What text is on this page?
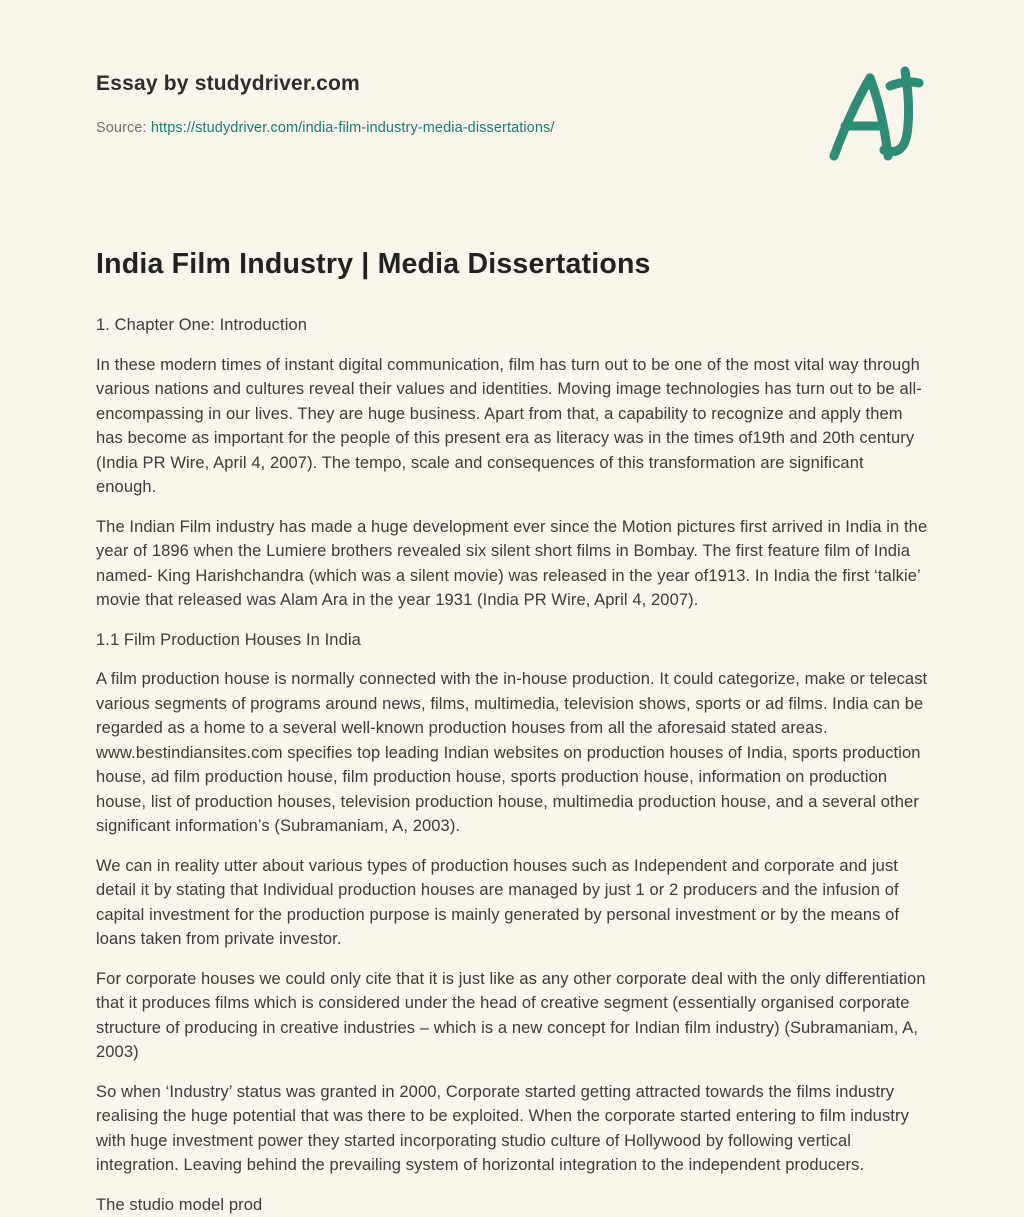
Essay by studydriver.com
Source: https://studydriver.com/india-film-industry-media-dissertations/
India Film Industry | Media Dissertations

1. Chapter One: Introduction

In these modern times of instant digital communication, film has turn out to be one of the most vital way through various nations and cultures reveal their values and identities. Moving image technologies has turn out to be all-encompassing in our lives. They are huge business. Apart from that, a capability to recognize and apply them has become as important for the people of this present era as literacy was in the times of19th and 20th century (India PR Wire, April 4, 2007). The tempo, scale and consequences of this transformation are significant enough.

The Indian Film industry has made a huge development ever since the Motion pictures first arrived in India in the year of 1896 when the Lumiere brothers revealed six silent short films in Bombay. The first feature film of India named- King Harishchandra (which was a silent movie) was released in the year of1913. In India the first ‘talkie’ movie that released was Alam Ara in the year 1931 (India PR Wire, April 4, 2007).

1.1 Film Production Houses In India

A film production house is normally connected with the in-house production. It could categorize, make or telecast various segments of programs around news, films, multimedia, television shows, sports or ad films. India can be regarded as a home to a several well-known production houses from all the aforesaid stated areas. www.bestindiansites.com specifies top leading Indian websites on production houses of India, sports production house, ad film production house, film production house, sports production house, information on production house, list of production houses, television production house, multimedia production house, and a several other significant information’s (Subramaniam, A, 2003).

We can in reality utter about various types of production houses such as Independent and corporate and just detail it by stating that Individual production houses are managed by just 1 or 2 producers and the infusion of capital investment for the production purpose is mainly generated by personal investment or by the means of loans taken from private investor.

For corporate houses we could only cite that it is just like as any other corporate deal with the only differentiation that it produces films which is considered under the head of creative segment (essentially organised corporate structure of producing in creative industries – which is a new concept for Indian film industry) (Subramaniam, A, 2003)

So when ‘Industry’ status was granted in 2000, Corporate started getting attracted towards the films industry realising the huge potential that was there to be exploited. When the corporate started entering to film industry with huge investment power they started incorporating studio culture of Hollywood by following vertical integration. Leaving behind the prevailing system of horizontal integration to the independent producers.

The studio model prod
